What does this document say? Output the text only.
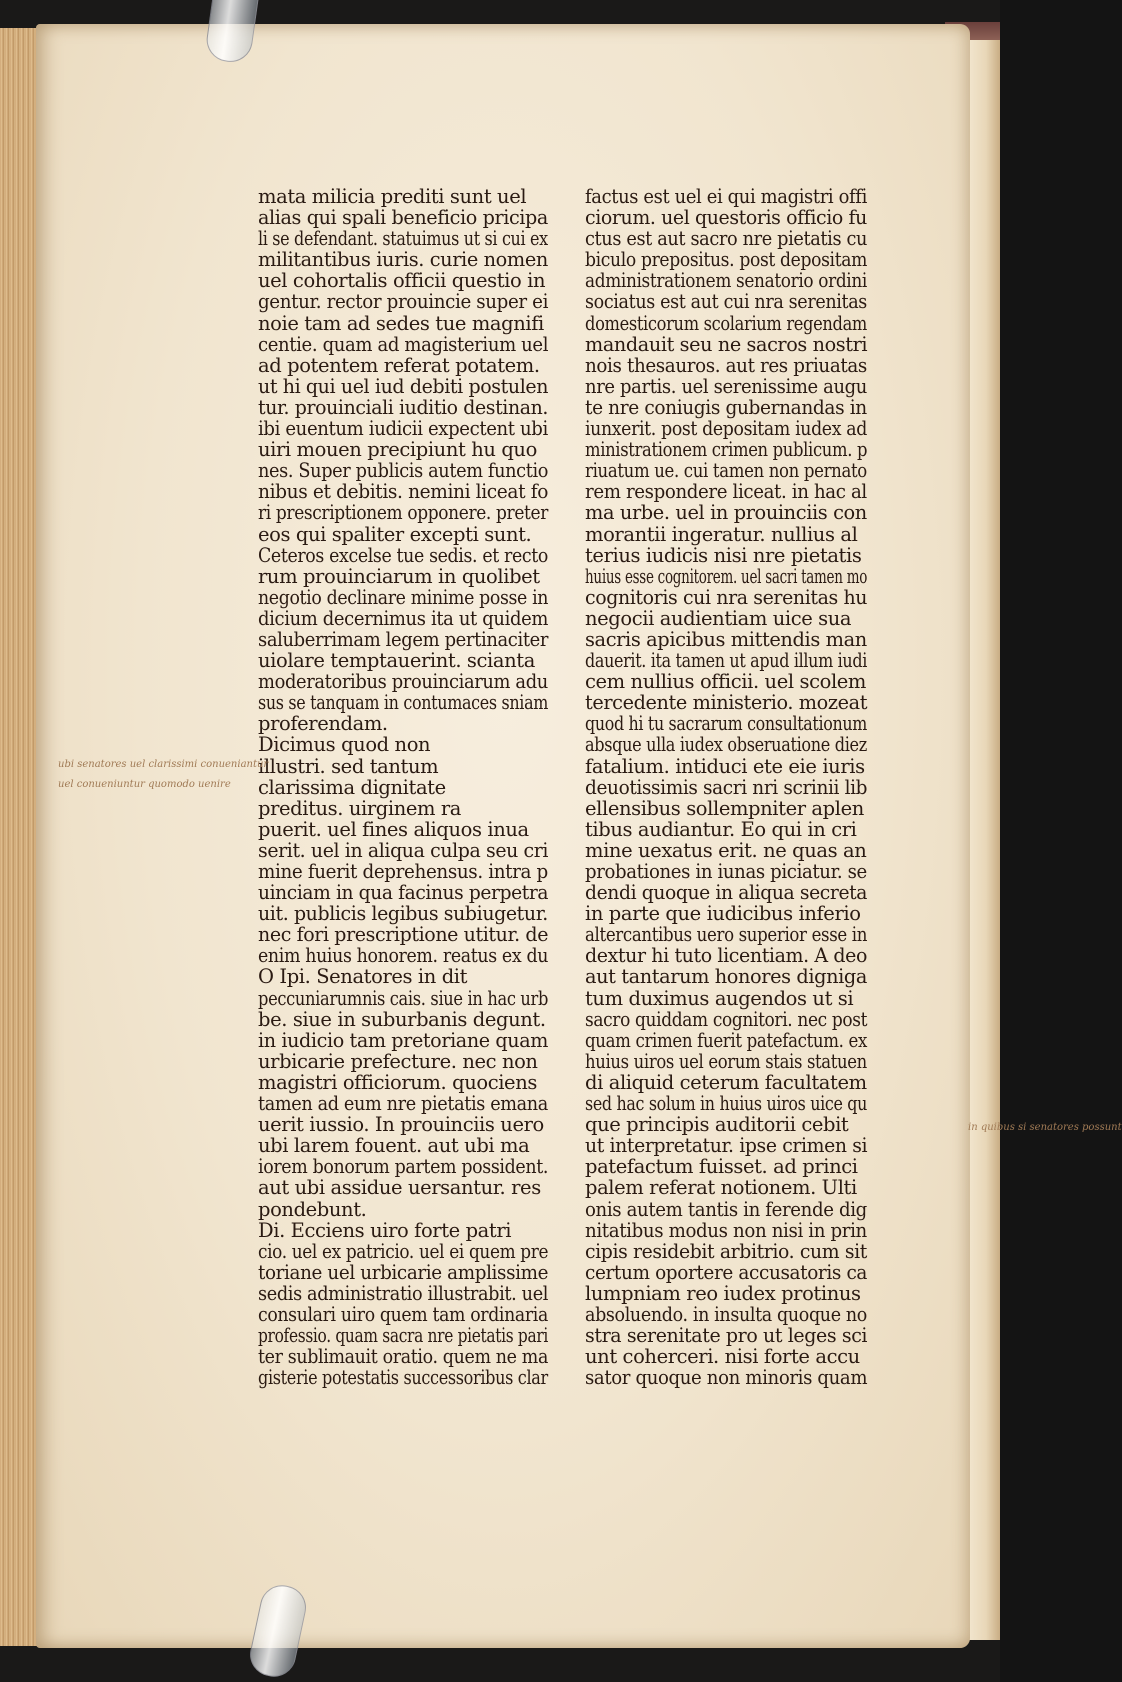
mata milicia prediti sunt uel
alias qui spali beneficio pricipa
li se defendant. statuimus ut si cui ex
militantibus iuris. curie nomen
uel cohortalis officii questio in
gentur. rector prouincie super ei
noie tam ad sedes tue magnifi
centie. quam ad magisterium uel
ad potentem referat potatem.
ut hi qui uel iud debiti postulen
tur. prouinciali iuditio destinan.
ibi euentum iudicii expectent ubi
uiri mouen precipiunt hu quo
nes. Super publicis autem functio
nibus et debitis. nemini liceat fo
ri prescriptionem opponere. preter
eos qui spaliter excepti sunt.
Ceteros excelse tue sedis. et recto
rum prouinciarum in quolibet
negotio declinare minime posse in
dicium decernimus ita ut quidem
saluberrimam legem pertinaciter
uiolare temptauerint. scianta
moderatoribus prouinciarum adu
sus se tanquam in contumaces sniam
proferendam.
Dicimus quod non
illustri. sed tantum
clarissima dignitate
preditus. uirginem ra
puerit. uel fines aliquos inua
serit. uel in aliqua culpa seu cri
mine fuerit deprehensus. intra p
uinciam in qua facinus perpetra
uit. publicis legibus subiugetur.
nec fori prescriptione utitur. de
enim huius honorem. reatus ex du
O Ipi. Senatores in dit
peccuniarumnis cais. siue in hac urb
be. siue in suburbanis degunt.
in iudicio tam pretoriane quam
urbicarie prefecture. nec non
magistri officiorum. quociens
tamen ad eum nre pietatis emana
uerit iussio. In prouinciis uero
ubi larem fouent. aut ubi ma
iorem bonorum partem possident.
aut ubi assidue uersantur. res
pondebunt.
Di. Ecciens uiro forte patri
cio. uel ex patricio. uel ei quem pre
toriane uel urbicarie amplissime
sedis administratio illustrabit. uel
consulari uiro quem tam ordinaria
professio. quam sacra nre pietatis pari
ter sublimauit oratio. quem ne ma
gisterie potestatis successoribus clar
factus est uel ei qui magistri offi
ciorum. uel questoris officio fu
ctus est aut sacro nre pietatis cu
biculo prepositus. post depositam
administrationem senatorio ordini
sociatus est aut cui nra serenitas
domesticorum scolarium regendam
mandauit seu ne sacros nostri
nois thesauros. aut res priuatas
nre partis. uel serenissime augu
te nre coniugis gubernandas in
iunxerit. post depositam iudex ad
ministrationem crimen publicum. p
riuatum ue. cui tamen non pernato
rem respondere liceat. in hac al
ma urbe. uel in prouinciis con
morantii ingeratur. nullius al
terius iudicis nisi nre pietatis
huius esse cognitorem. uel sacri tamen mo
cognitoris cui nra serenitas hu
negocii audientiam uice sua
sacris apicibus mittendis man
dauerit. ita tamen ut apud illum iudi
cem nullius officii. uel scolem
tercedente ministerio. mozeat
quod hi tu sacrarum consultationum
absque ulla iudex obseruatione diez
fatalium. intiduci ete eie iuris
deuotissimis sacri nri scrinii lib
ellensibus sollempniter aplen
tibus audiantur. Eo qui in cri
mine uexatus erit. ne quas an
probationes in iunas piciatur. se
dendi quoque in aliqua secreta
in parte que iudicibus inferio
altercantibus uero superior esse in
dextur hi tuto licentiam. A deo
aut tantarum honores digniga
tum duximus augendos ut si
sacro quiddam cognitori. nec post
quam crimen fuerit patefactum. ex
huius uiros uel eorum stais statuen
di aliquid ceterum facultatem
sed hac solum in huius uiros uice qu
que principis auditorii cebit
ut interpretatur. ipse crimen si
patefactum fuisset. ad princi
palem referat notionem. Ulti
onis autem tantis in ferende dig
nitatibus modus non nisi in prin
cipis residebit arbitrio. cum sit
certum oportere accusatoris ca
lumpniam reo iudex protinus
absoluendo. in insulta quoque no
stra serenitate pro ut leges sci
unt coherceri. nisi forte accu
sator quoque non minoris quam
ubi senatores uel clarissimi conueniantur
uel conueniuntur quomodo uenire
in quibus si senatores possunt
